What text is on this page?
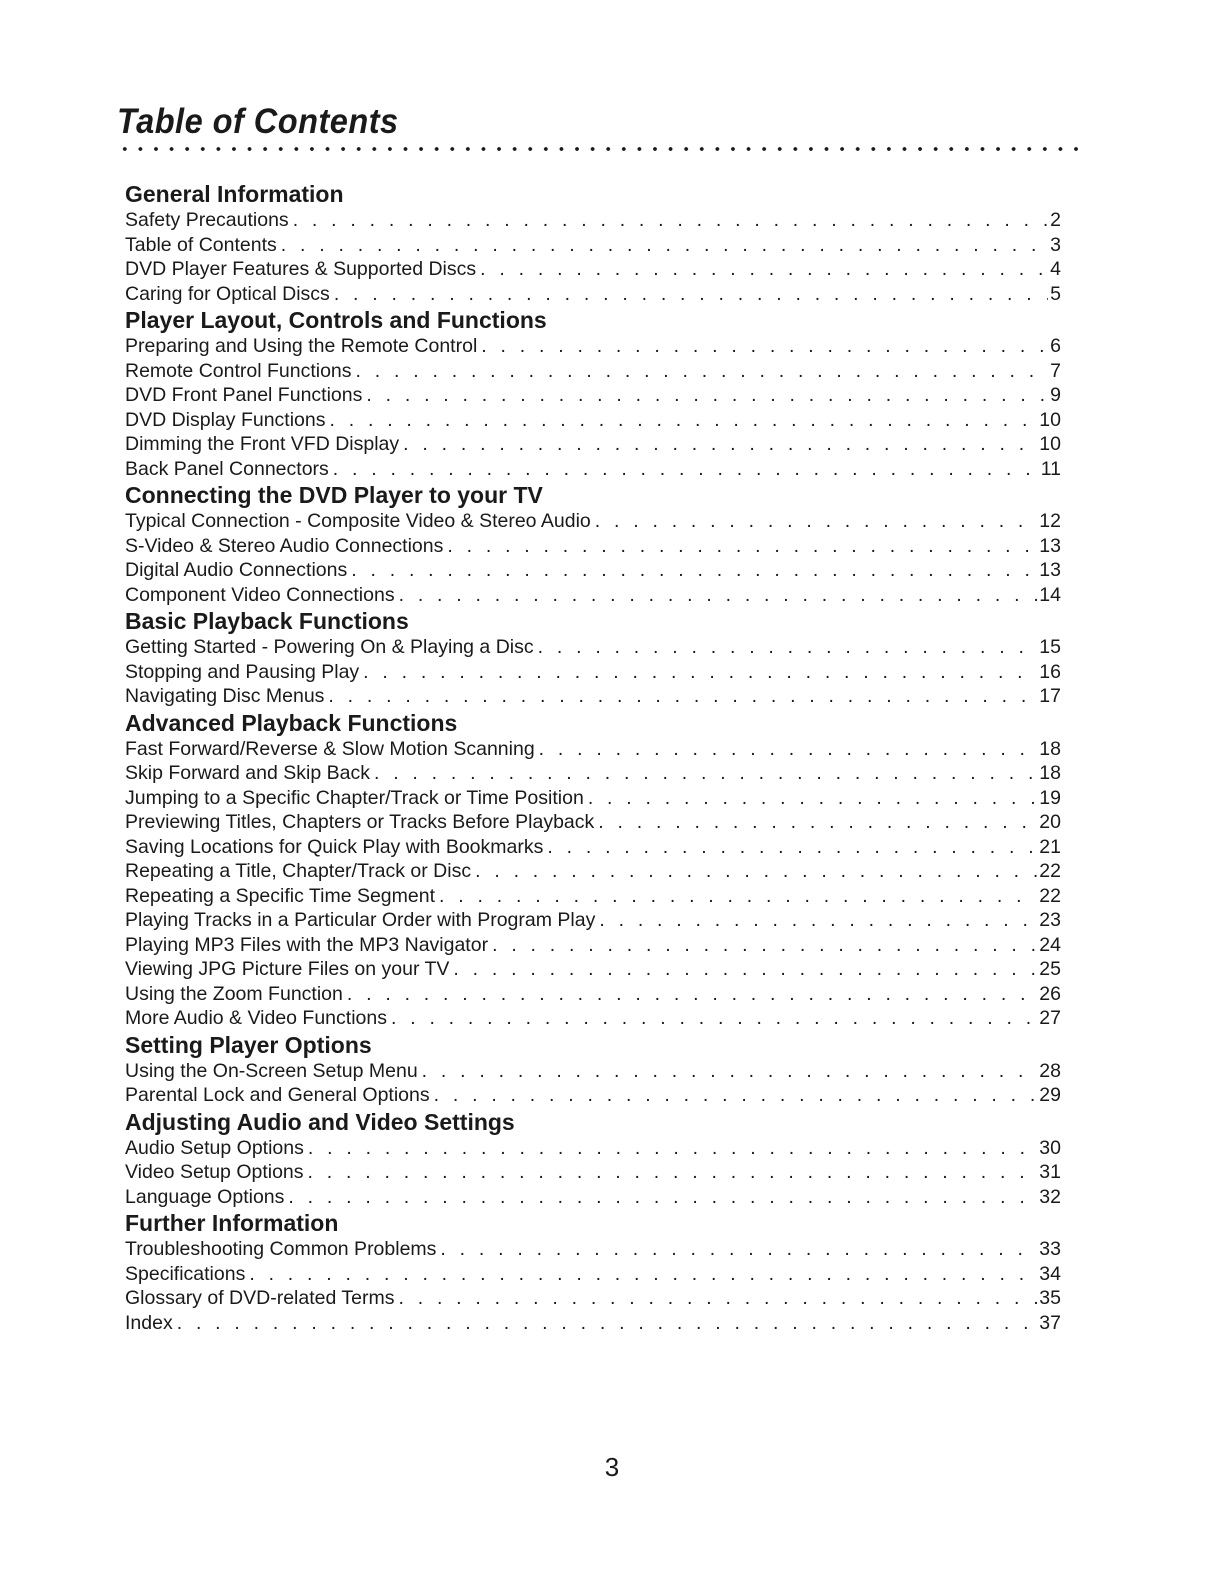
Table of Contents
General Information
Safety Precautions . . .	2
Table of Contents . . .	3
DVD Player Features & Supported Discs . . .	4
Caring for Optical Discs . . .	5
Player Layout, Controls and Functions
Preparing and Using the Remote Control . . .	6
Remote Control Functions . . .	7
DVD Front Panel Functions . . .	9
DVD Display Functions . . .	10
Dimming the Front VFD Display . . .	10
Back Panel Connectors . . .	11
Connecting the DVD Player to your TV
Typical Connection - Composite Video & Stereo Audio . . .	12
S-Video & Stereo Audio Connections . . .	13
Digital Audio Connections . . .	13
Component Video Connections . . .	14
Basic Playback Functions
Getting Started - Powering On & Playing a Disc . . .	15
Stopping and Pausing Play . . .	16
Navigating Disc Menus . . .	17
Advanced Playback Functions
Fast Forward/Reverse & Slow Motion Scanning . . .	18
Skip Forward and Skip Back . . .	18
Jumping to a Specific Chapter/Track or Time Position . . .	19
Previewing Titles, Chapters or Tracks Before Playback . . .	20
Saving Locations for Quick Play with Bookmarks . . .	21
Repeating a Title, Chapter/Track or Disc . . .	22
Repeating a Specific Time Segment . . .	22
Playing Tracks in a Particular Order with Program Play . . .	23
Playing MP3 Files with the MP3 Navigator . . .	24
Viewing JPG Picture Files on your TV . . .	25
Using the Zoom Function . . .	26
More Audio & Video Functions . . .	27
Setting Player Options
Using the On-Screen Setup Menu . . .	28
Parental Lock and General Options . . .	29
Adjusting Audio and Video Settings
Audio Setup Options . . .	30
Video Setup Options . . .	31
Language Options . . .	32
Further Information
Troubleshooting Common Problems . . .	33
Specifications . . .	34
Glossary of DVD-related Terms . . .	35
Index . . .	37
3
